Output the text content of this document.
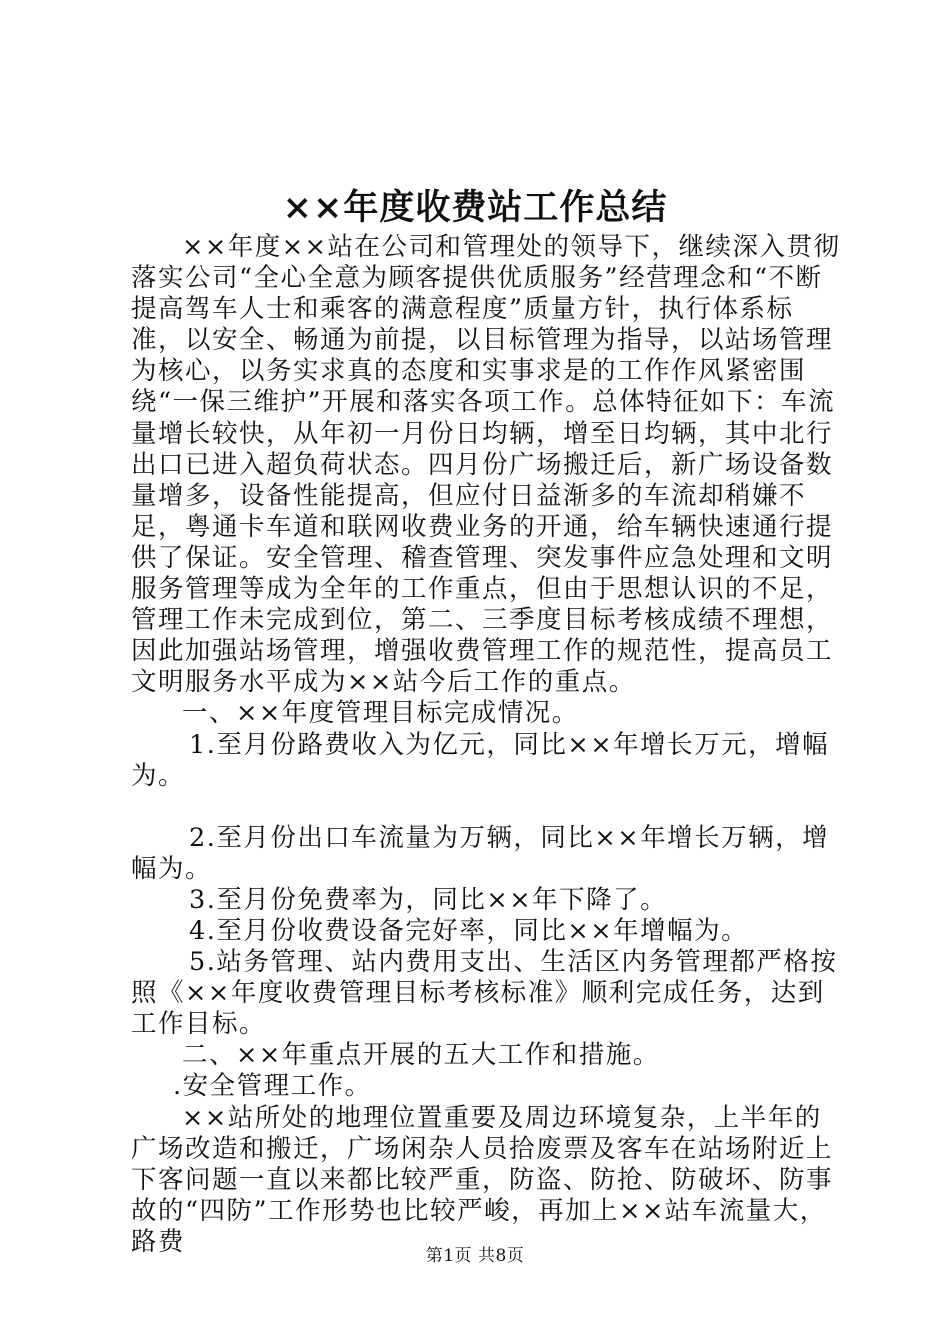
××年度收费站工作总结

××年度××站在公司和管理处的领导下，继续深入贯彻落实公司“全心全意为顾客提供优质服务”经营理念和“不断提高驾车人士和乘客的满意程度”质量方针，执行体系标准，以安全、畅通为前提，以目标管理为指导，以站场管理为核心，以务实求真的态度和实事求是的工作作风紧密围绕“一保三维护”开展和落实各项工作。总体特征如下：车流量增长较快，从年初一月份日均辆，增至日均辆，其中北行出口已进入超负荷状态。四月份广场搬迁后，新广场设备数量增多，设备性能提高，但应付日益渐多的车流却稍嫌不足，粤通卡车道和联网收费业务的开通，给车辆快速通行提供了保证。安全管理、稽查管理、突发事件应急处理和文明服务管理等成为全年的工作重点，但由于思想认识的不足，管理工作未完成到位，第二、三季度目标考核成绩不理想，因此加强站场管理，增强收费管理工作的规范性，提高员工文明服务水平成为××站今后工作的重点。

一、××年度管理目标完成情况。

1.至月份路费收入为亿元，同比××年增长万元，增幅为。

2.至月份出口车流量为万辆，同比××年增长万辆，增幅为。

3.至月份免费率为，同比××年下降了。

4.至月份收费设备完好率，同比××年增幅为。

5.站务管理、站内费用支出、生活区内务管理都严格按照《××年度收费管理目标考核标准》顺利完成任务，达到工作目标。

二、××年重点开展的五大工作和措施。

.安全管理工作。

××站所处的地理位置重要及周边环境复杂，上半年的广场改造和搬迁，广场闲杂人员拾废票及客车在站场附近上下客问题一直以来都比较严重，防盗、防抢、防破坏、防事故的“四防”工作形势也比较严峻，再加上××站车流量大，路费	第1页 共8页
